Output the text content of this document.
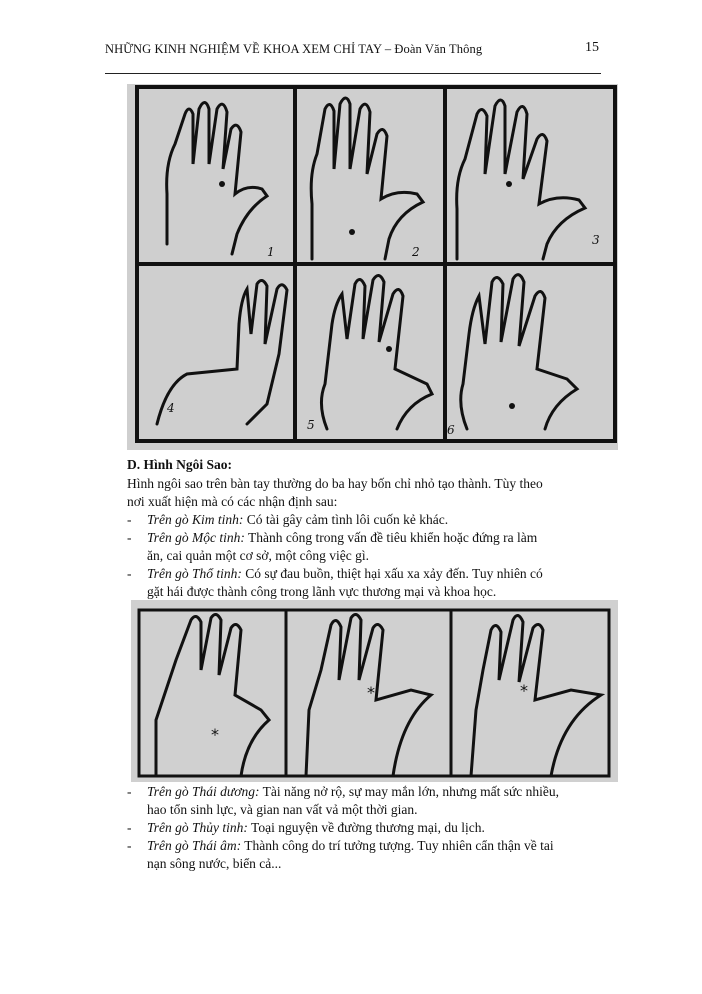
NHỮNG KINH NGHIỆM VỀ KHOA XEM CHỈ TAY – Đoàn Văn Thông	15
1	2
3
4
5	6
D. Hình Ngôi Sao:
Hình ngôi sao trên bàn tay thường do ba hay bốn chỉ nhỏ tạo thành. Tùy theo
nơi xuất hiện mà có các nhận định sau:
- Trên gò Kim tinh: Có tài gây cảm tình lôi cuốn kẻ khác.
- Trên gò Mộc tinh: Thành công trong vấn đề tiêu khiển hoặc đứng ra làm
ăn, cai quản một cơ sở, một công việc gì.
- Trên gò Thổ tinh: Có sự đau buồn, thiệt hại xấu xa xảy đến. Tuy nhiên có
gặt hái được thành công trong lãnh vực thương mại và khoa học.
*
*	*
- Trên gò Thái dương: Tài năng nở rộ, sự may mắn lớn, nhưng mất sức nhiều,
hao tổn sinh lực, và gian nan vất vả một thời gian.
- Trên gò Thủy tinh: Toại nguyện về đường thương mại, du lịch.
- Trên gò Thái âm: Thành công do trí tưởng tượng. Tuy nhiên cẩn thận về tai
nạn sông nước, biển cả...
